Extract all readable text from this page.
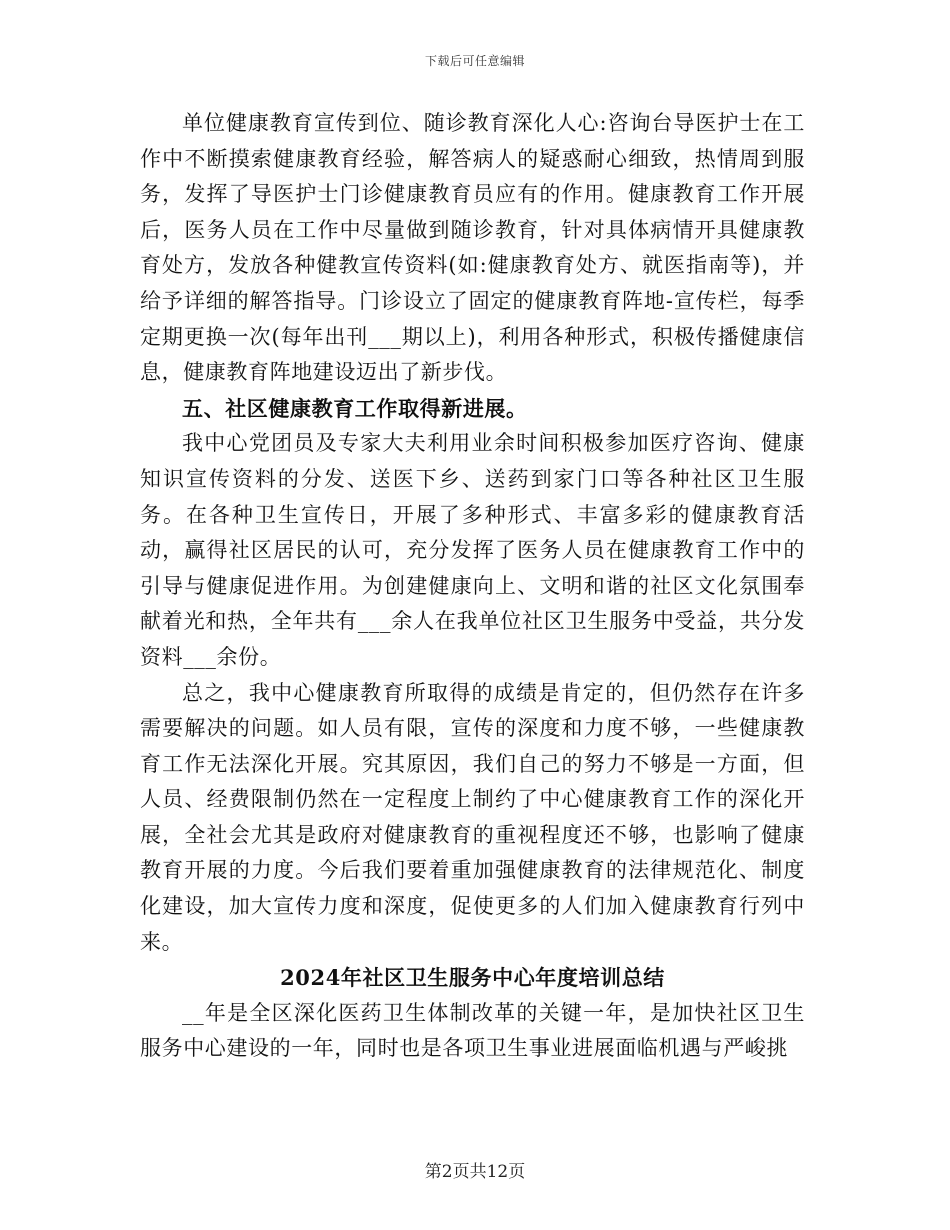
下载后可任意编辑

单位健康教育宣传到位、随诊教育深化人心:咨询台导医护士在工作中不断摸索健康教育经验，解答病人的疑惑耐心细致，热情周到服务，发挥了导医护士门诊健康教育员应有的作用。健康教育工作开展后，医务人员在工作中尽量做到随诊教育，针对具体病情开具健康教育处方，发放各种健教宣传资料(如:健康教育处方、就医指南等)，并给予详细的解答指导。门诊设立了固定的健康教育阵地-宣传栏，每季定期更换一次(每年出刊___期以上)，利用各种形式，积极传播健康信息，健康教育阵地建设迈出了新步伐。

五、社区健康教育工作取得新进展。

我中心党团员及专家大夫利用业余时间积极参加医疗咨询、健康知识宣传资料的分发、送医下乡、送药到家门口等各种社区卫生服务。在各种卫生宣传日，开展了多种形式、丰富多彩的健康教育活动，赢得社区居民的认可，充分发挥了医务人员在健康教育工作中的引导与健康促进作用。为创建健康向上、文明和谐的社区文化氛围奉献着光和热，全年共有___余人在我单位社区卫生服务中受益，共分发资料___余份。

总之，我中心健康教育所取得的成绩是肯定的，但仍然存在许多需要解决的问题。如人员有限，宣传的深度和力度不够，一些健康教育工作无法深化开展。究其原因，我们自己的努力不够是一方面，但人员、经费限制仍然在一定程度上制约了中心健康教育工作的深化开展，全社会尤其是政府对健康教育的重视程度还不够，也影响了健康教育开展的力度。今后我们要着重加强健康教育的法律规范化、制度化建设，加大宣传力度和深度，促使更多的人们加入健康教育行列中来。

2024年社区卫生服务中心年度培训总结

__年是全区深化医药卫生体制改革的关键一年，是加快社区卫生服务中心建设的一年，同时也是各项卫生事业进展面临机遇与严峻挑

第2页共12页
